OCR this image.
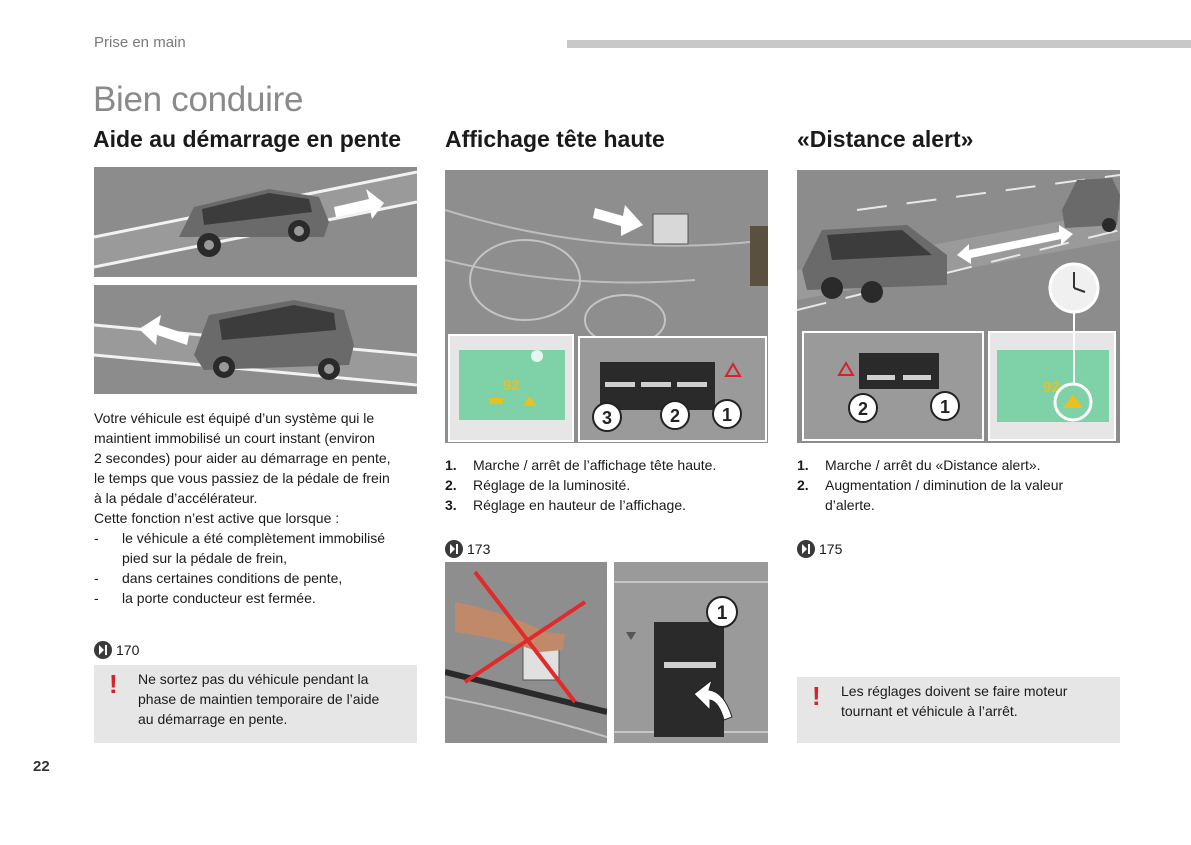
Prise en main
Bien conduire
Aide au démarrage en pente Affichage tête haute	«Distance alert»

Votre véhicule est équipé d’un système qui le

maintient immobilisé un court instant (environ

2 secondes) pour aider au démarrage en pente,

le temps que vous passiez de la pédale de frein

à la pédale d’accélérateur.

Cette fonction n’est active que lorsque :

- le véhicule a été complètement immobilisé pied sur la pédale de frein,
- dans certaines conditions de pente,
- la porte conducteur est fermée.
170
! Ne sortez pas du véhicule pendant la
phase de maintien temporaire de l’aide
au démarrage en pente.
92
3	2 1
1. Marche / arrêt de l’affichage tête haute.
2. Réglage de la luminosité.
3. Réglage en hauteur de l’affichage.
173
1
2	1
92
1. Marche / arrêt du «Distance alert».
2. Augmentation / diminution de la valeur d’alerte.
175
! Les réglages doivent se faire moteur
tournant et véhicule à l’arrêt.
22
